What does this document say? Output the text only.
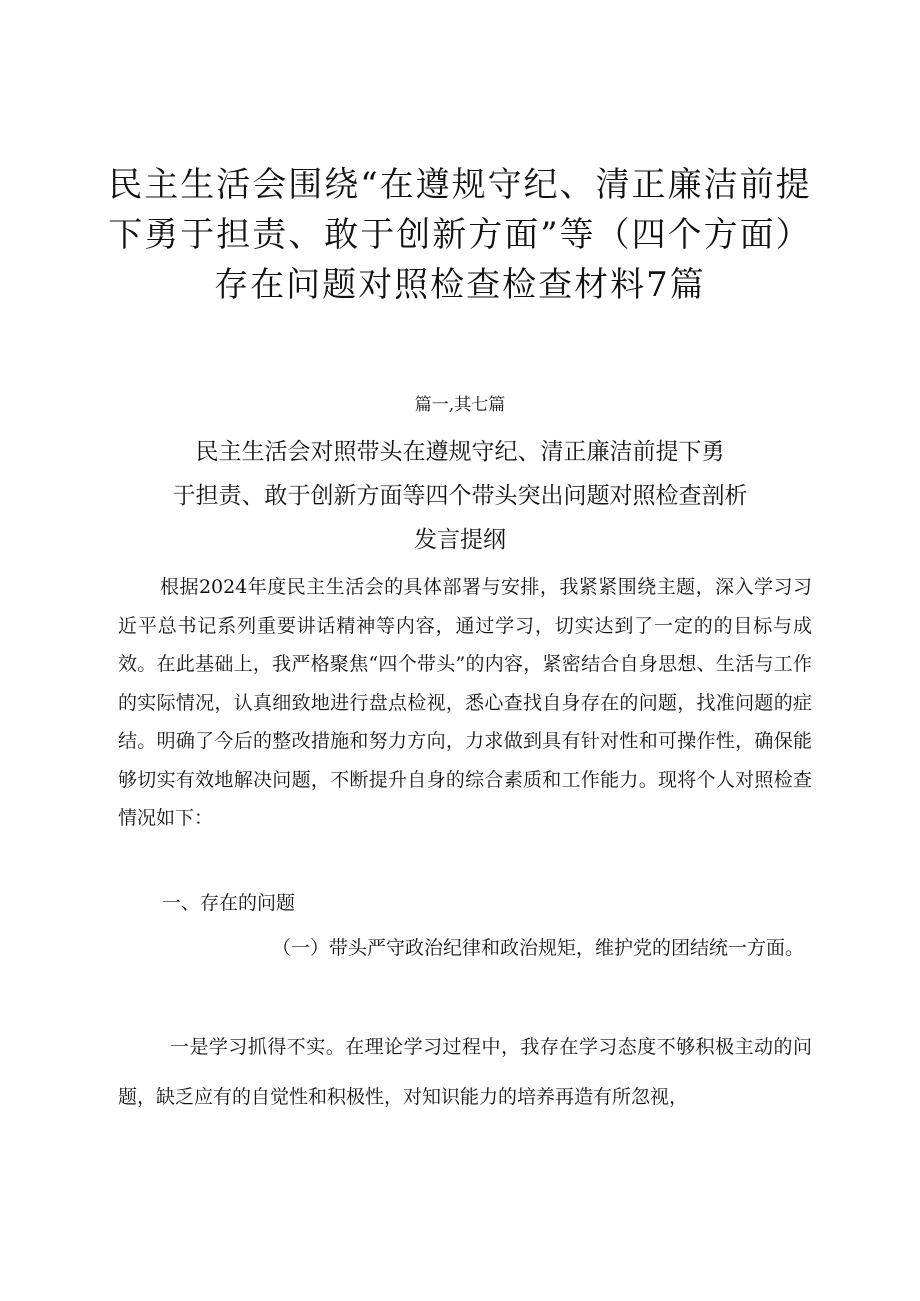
民主生活会围绕“在遵规守纪、清正廉洁前提
下勇于担责、敢于创新方面”等（四个方面）
存在问题对照检查检查材料7篇
篇一,其七篇
民主生活会对照带头在遵规守纪、清正廉洁前提下勇
于担责、敢于创新方面等四个带头突出问题对照检查剖析
发言提纲

根据2024年度民主生活会的具体部署与安排，我紧紧围绕主题，深入学习习近平总书记系列重要讲话精神等内容，通过学习，切实达到了一定的的目标与成效。在此基础上，我严格聚焦“四个带头”的内容，紧密结合自身思想、生活与工作的实际情况，认真细致地进行盘点检视，悉心查找自身存在的问题，找准问题的症结。明确了今后的整改措施和努力方向，力求做到具有针对性和可操作性，确保能够切实有效地解决问题，不断提升自身的综合素质和工作能力。现将个人对照检查情况如下：

一、存在的问题

（一）带头严守政治纪律和政治规矩，维护党的团结统一方面。

一是学习抓得不实。在理论学习过程中，我存在学习态度不够积极主动的问题，缺乏应有的自觉性和积极性，对知识能力的培养再造有所忽视，
